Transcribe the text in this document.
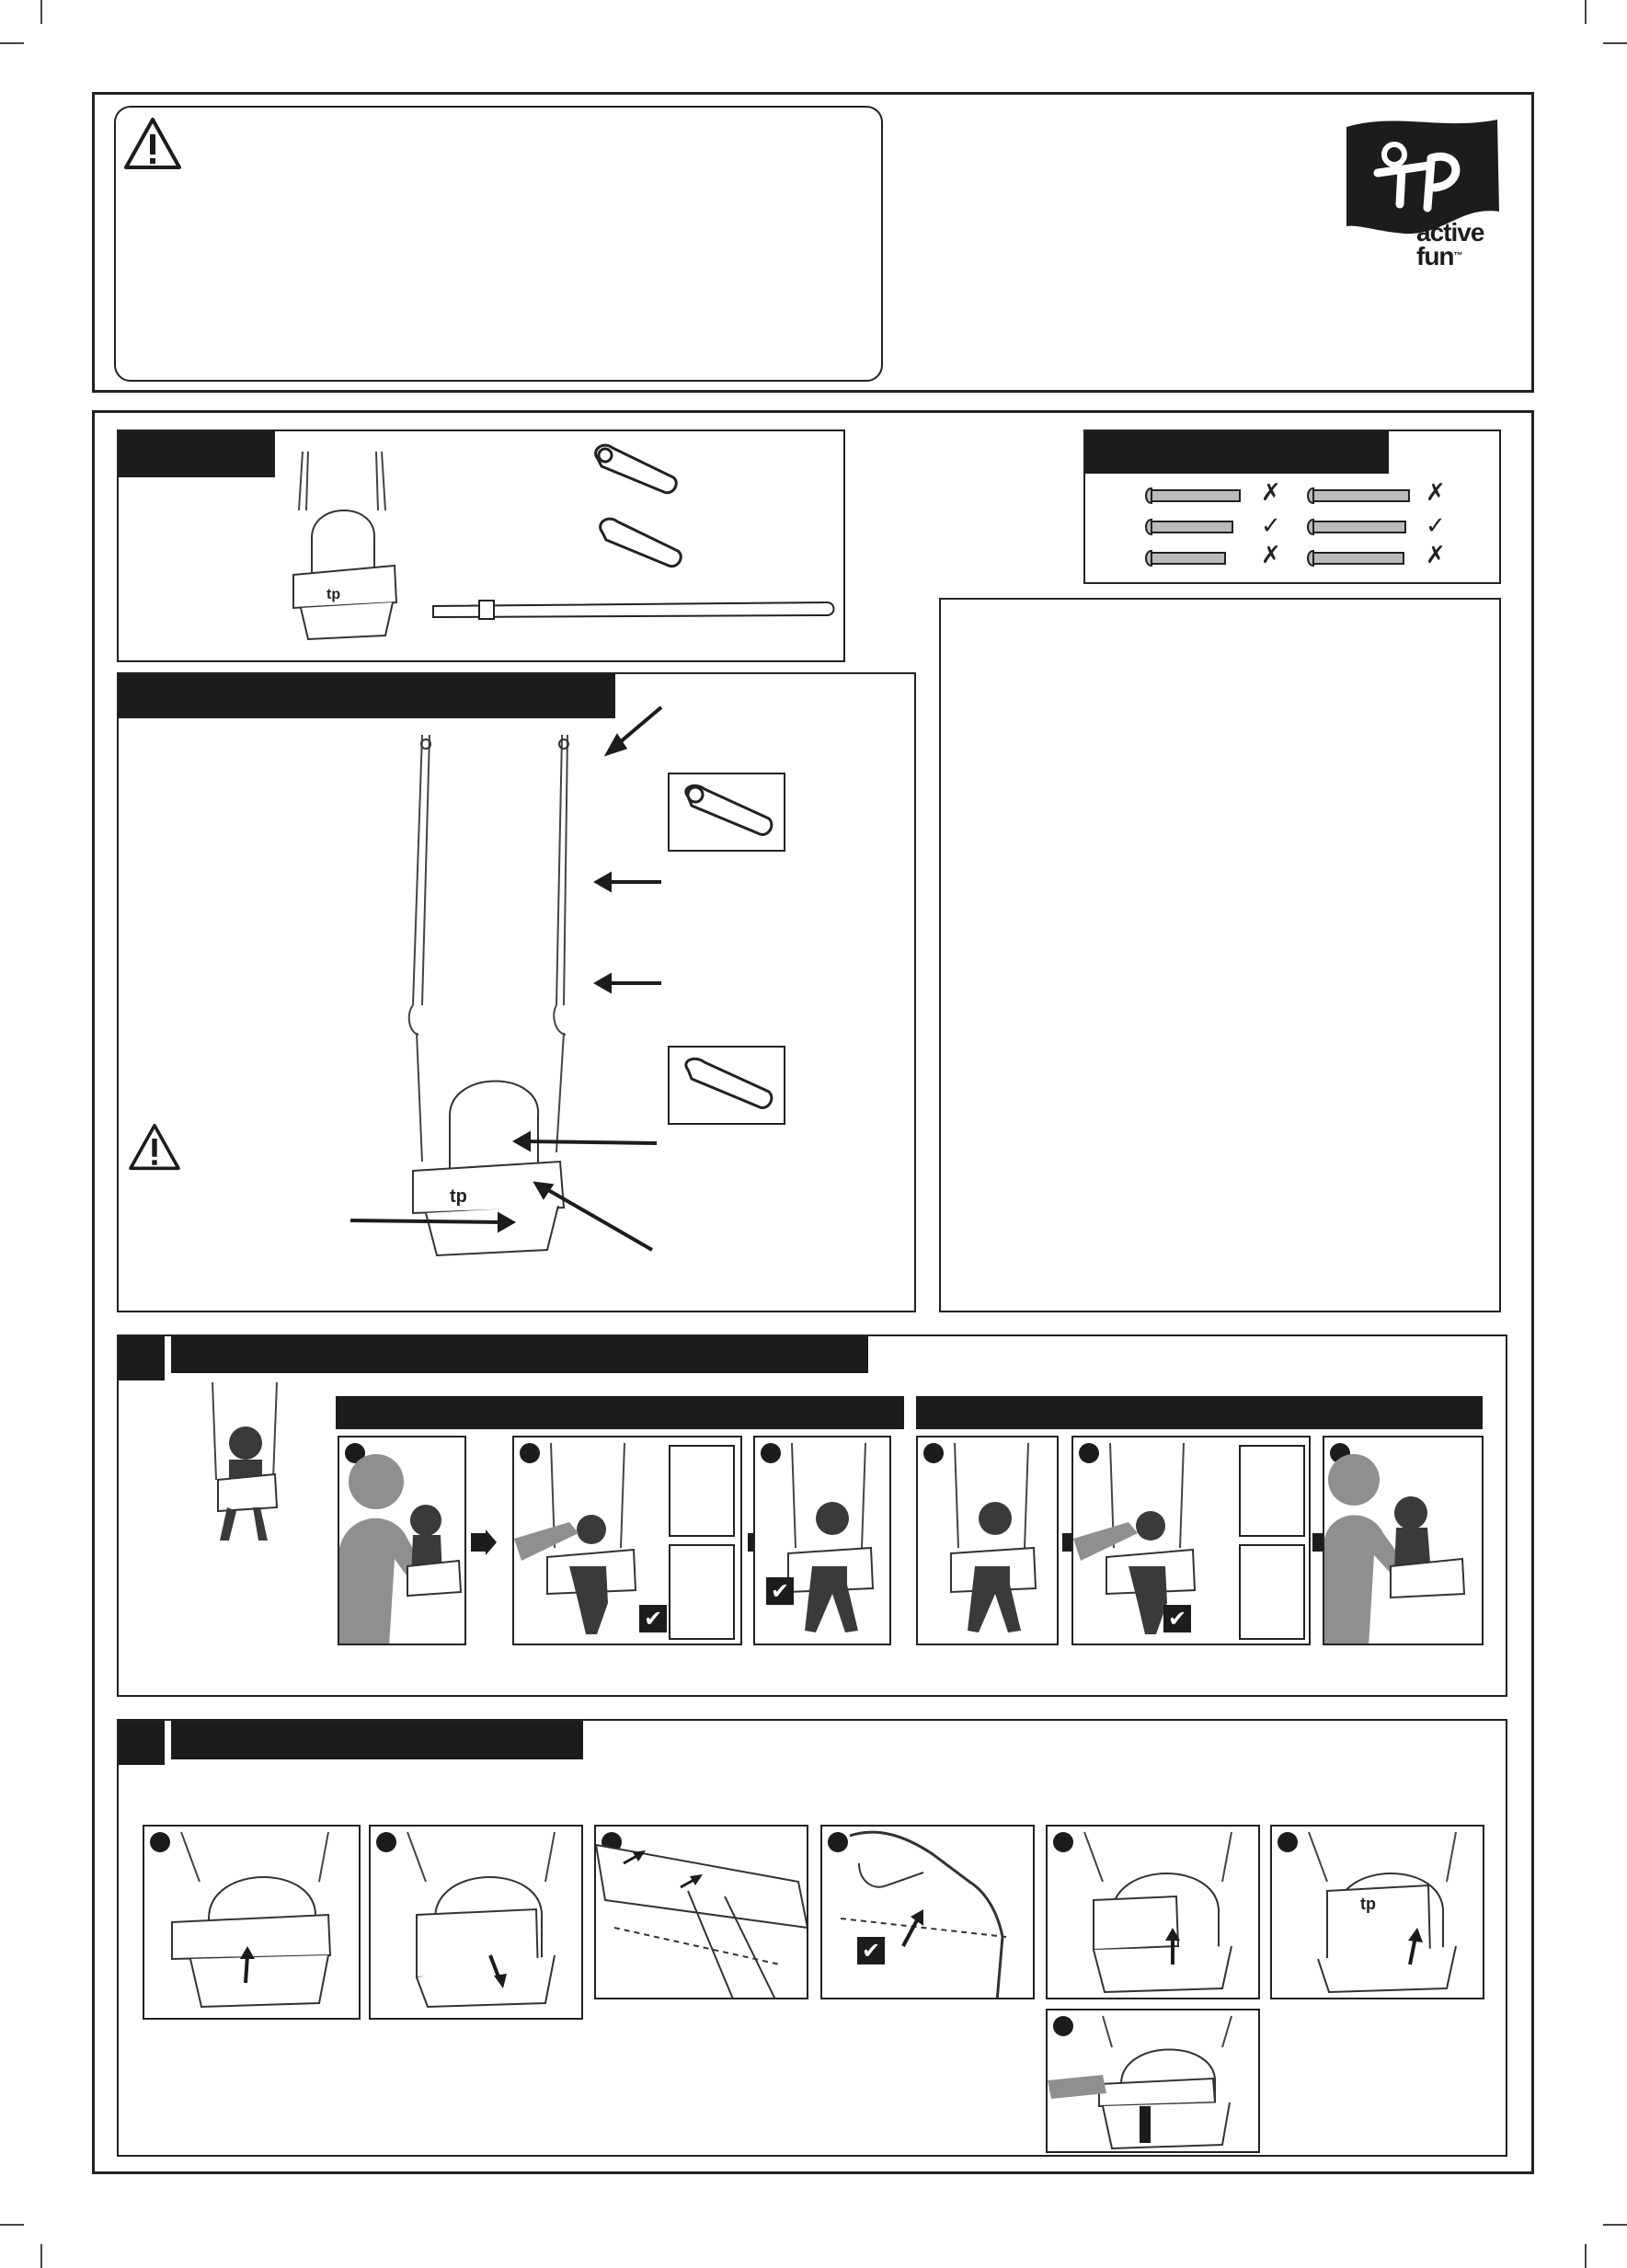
active fun™
tp
✗
✓
✗
✗
✓
✗
tp
✔
✔
✔
✔
tp
